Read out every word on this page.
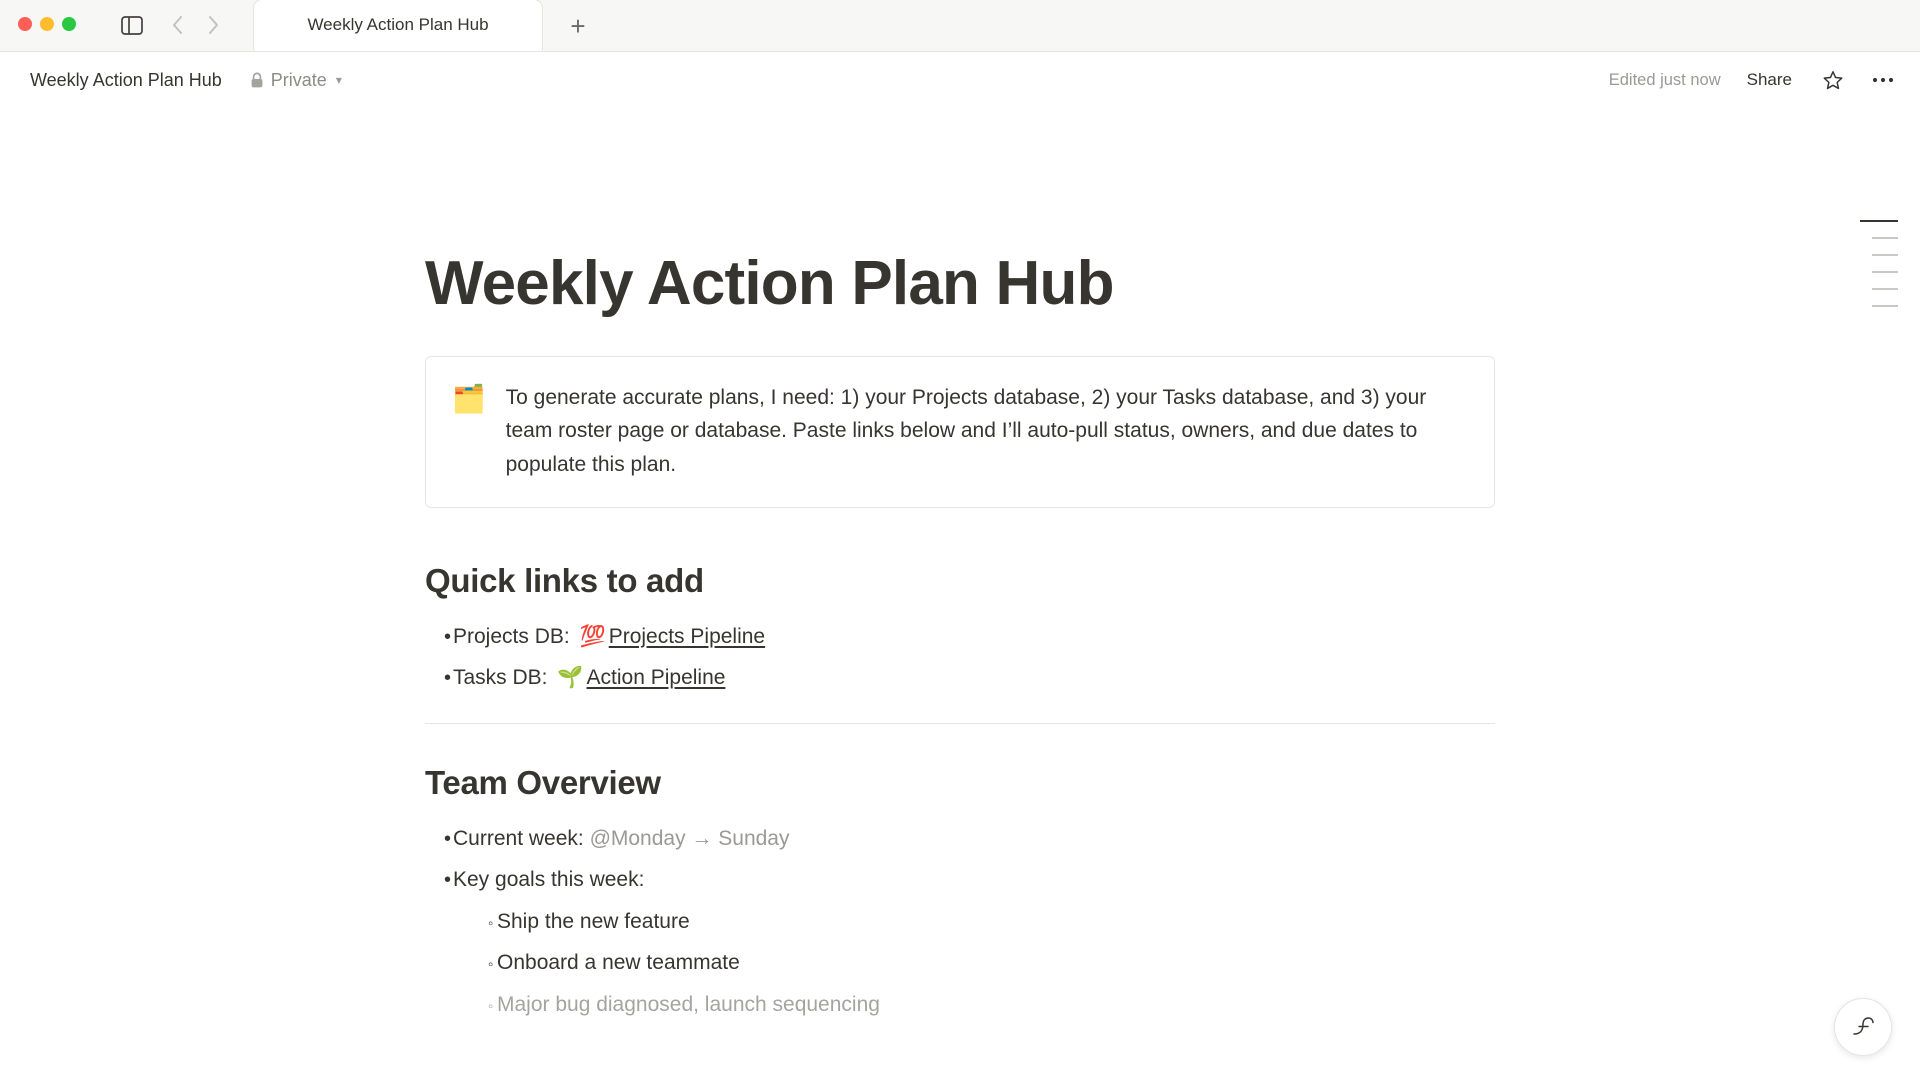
Weekly Action Plan Hub	+
Weekly Action Plan Hub	Private ▾	Edited just now	Share
Weekly Action Plan Hub
🗂️ To generate accurate plans, I need: 1) your Projects database, 2) your Tasks database, and 3) your team roster page or database. Paste links below and I’ll auto-pull status, owners, and due dates to populate this plan.
Quick links to add
• Projects DB: 💯 Projects Pipeline
• Tasks DB: 🌱 Action Pipeline
Team Overview
• Current week: @Monday → Sunday
• Key goals this week:
◦ Ship the new feature
◦ Onboard a new teammate
◦ Major bug diagnosed, launch sequencing
